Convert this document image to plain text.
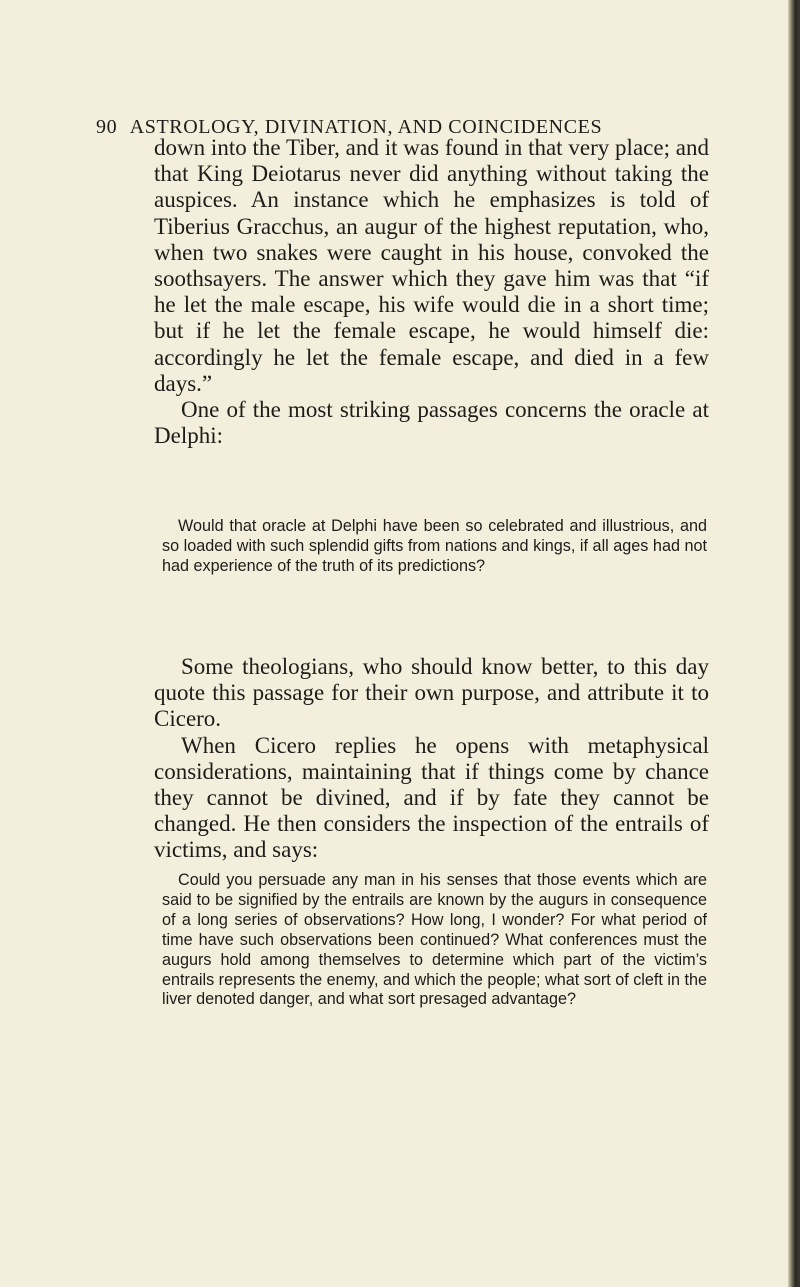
90 ASTROLOGY, DIVINATION, AND COINCIDENCES

down into the Tiber, and it was found in that very place; and that King Deiotarus never did anything without taking the auspices. An instance which he emphasizes is told of Tiberius Gracchus, an augur of the highest reputation, who, when two snakes were caught in his house, convoked the soothsayers. The answer which they gave him was that “if he let the male escape, his wife would die in a short time; but if he let the female escape, he would himself die: accordingly he let the female escape, and died in a few days.”

One of the most striking passages concerns the oracle at Delphi:

Would that oracle at Delphi have been so celebrated and illustrious, and so loaded with such splendid gifts from nations and kings, if all ages had not had experience of the truth of its predictions?

Some theologians, who should know better, to this day quote this passage for their own purpose, and attribute it to Cicero.

When Cicero replies he opens with metaphysical considerations, maintaining that if things come by chance they cannot be divined, and if by fate they cannot be changed. He then considers the inspection of the entrails of victims, and says:

Could you persuade any man in his senses that those events which are said to be signified by the entrails are known by the augurs in consequence of a long series of observations? How long, I wonder? For what period of time have such observations been continued? What conferences must the augurs hold among themselves to determine which part of the victim’s entrails represents the enemy, and which the people; what sort of cleft in the liver denoted danger, and what sort presaged advantage?
